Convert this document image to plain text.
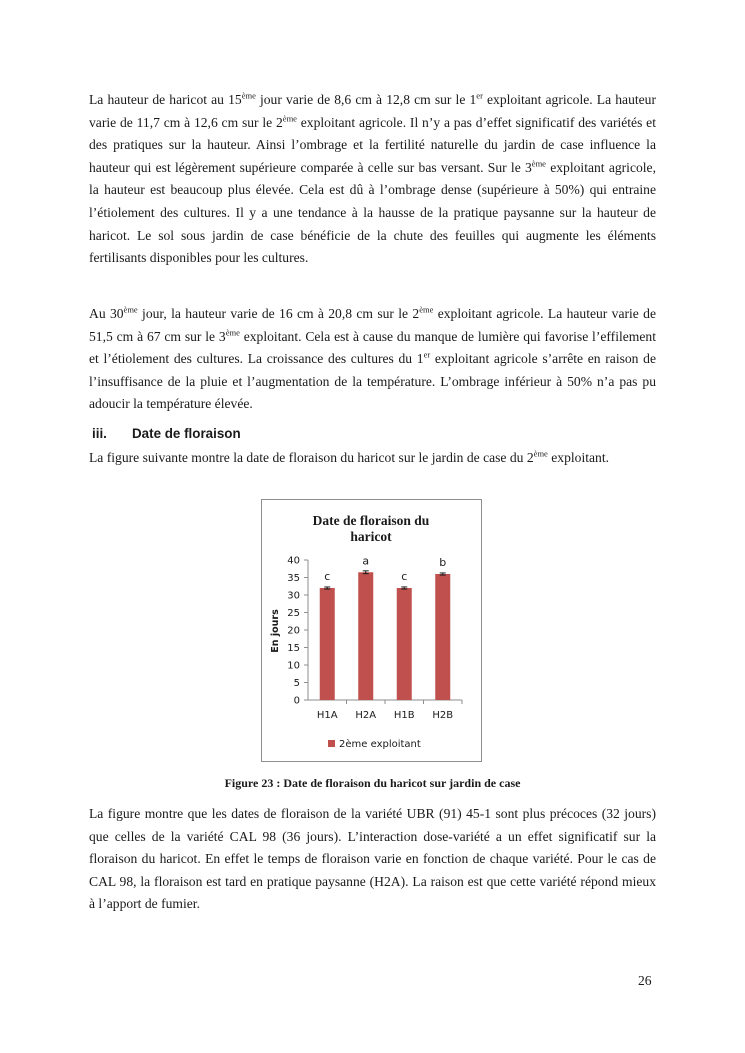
La hauteur de haricot au 15ème jour varie de 8,6 cm à 12,8 cm sur le 1er exploitant agricole. La hauteur varie de 11,7 cm à 12,6 cm sur le 2ème exploitant agricole. Il n’y a pas d’effet significatif des variétés et des pratiques sur la hauteur. Ainsi l’ombrage et la fertilité naturelle du jardin de case influence la hauteur qui est légèrement supérieure comparée à celle sur bas versant. Sur le 3ème exploitant agricole, la hauteur est beaucoup plus élevée. Cela est dû à l’ombrage dense (supérieure à 50%) qui entraine l’étiolement des cultures. Il y a une tendance à la hausse de la pratique paysanne sur la hauteur de haricot. Le sol sous jardin de case bénéficie de la chute des feuilles qui augmente les éléments fertilisants disponibles pour les cultures.

Au 30ème jour, la hauteur varie de 16 cm à 20,8 cm sur le 2ème exploitant agricole. La hauteur varie de 51,5 cm à 67 cm sur le 3ème exploitant. Cela est à cause du manque de lumière qui favorise l’effilement et l’étiolement des cultures. La croissance des cultures du 1er exploitant agricole s’arrête en raison de l’insuffisance de la pluie et l’augmentation de la température. L’ombrage inférieur à 50% n’a pas pu adoucir la température élevée.

iii. Date de floraison

La figure suivante montre la date de floraison du haricot sur le jardin de case du 2ème exploitant.

Date de floraison du
haricot
En jours
0
5
10
15
20
25
30
35
40
c
H1A
a
H2A
c
H1B
b
H2B
2ème exploitant
Figure 23 : Date de floraison du haricot sur jardin de case

La figure montre que les dates de floraison de la variété UBR (91) 45-1 sont plus précoces (32 jours) que celles de la variété CAL 98 (36 jours). L’interaction dose-variété a un effet significatif sur la floraison du haricot. En effet le temps de floraison varie en fonction de chaque variété. Pour le cas de CAL 98, la floraison est tard en pratique paysanne (H2A). La raison est que cette variété répond mieux à l’apport de fumier.

26
